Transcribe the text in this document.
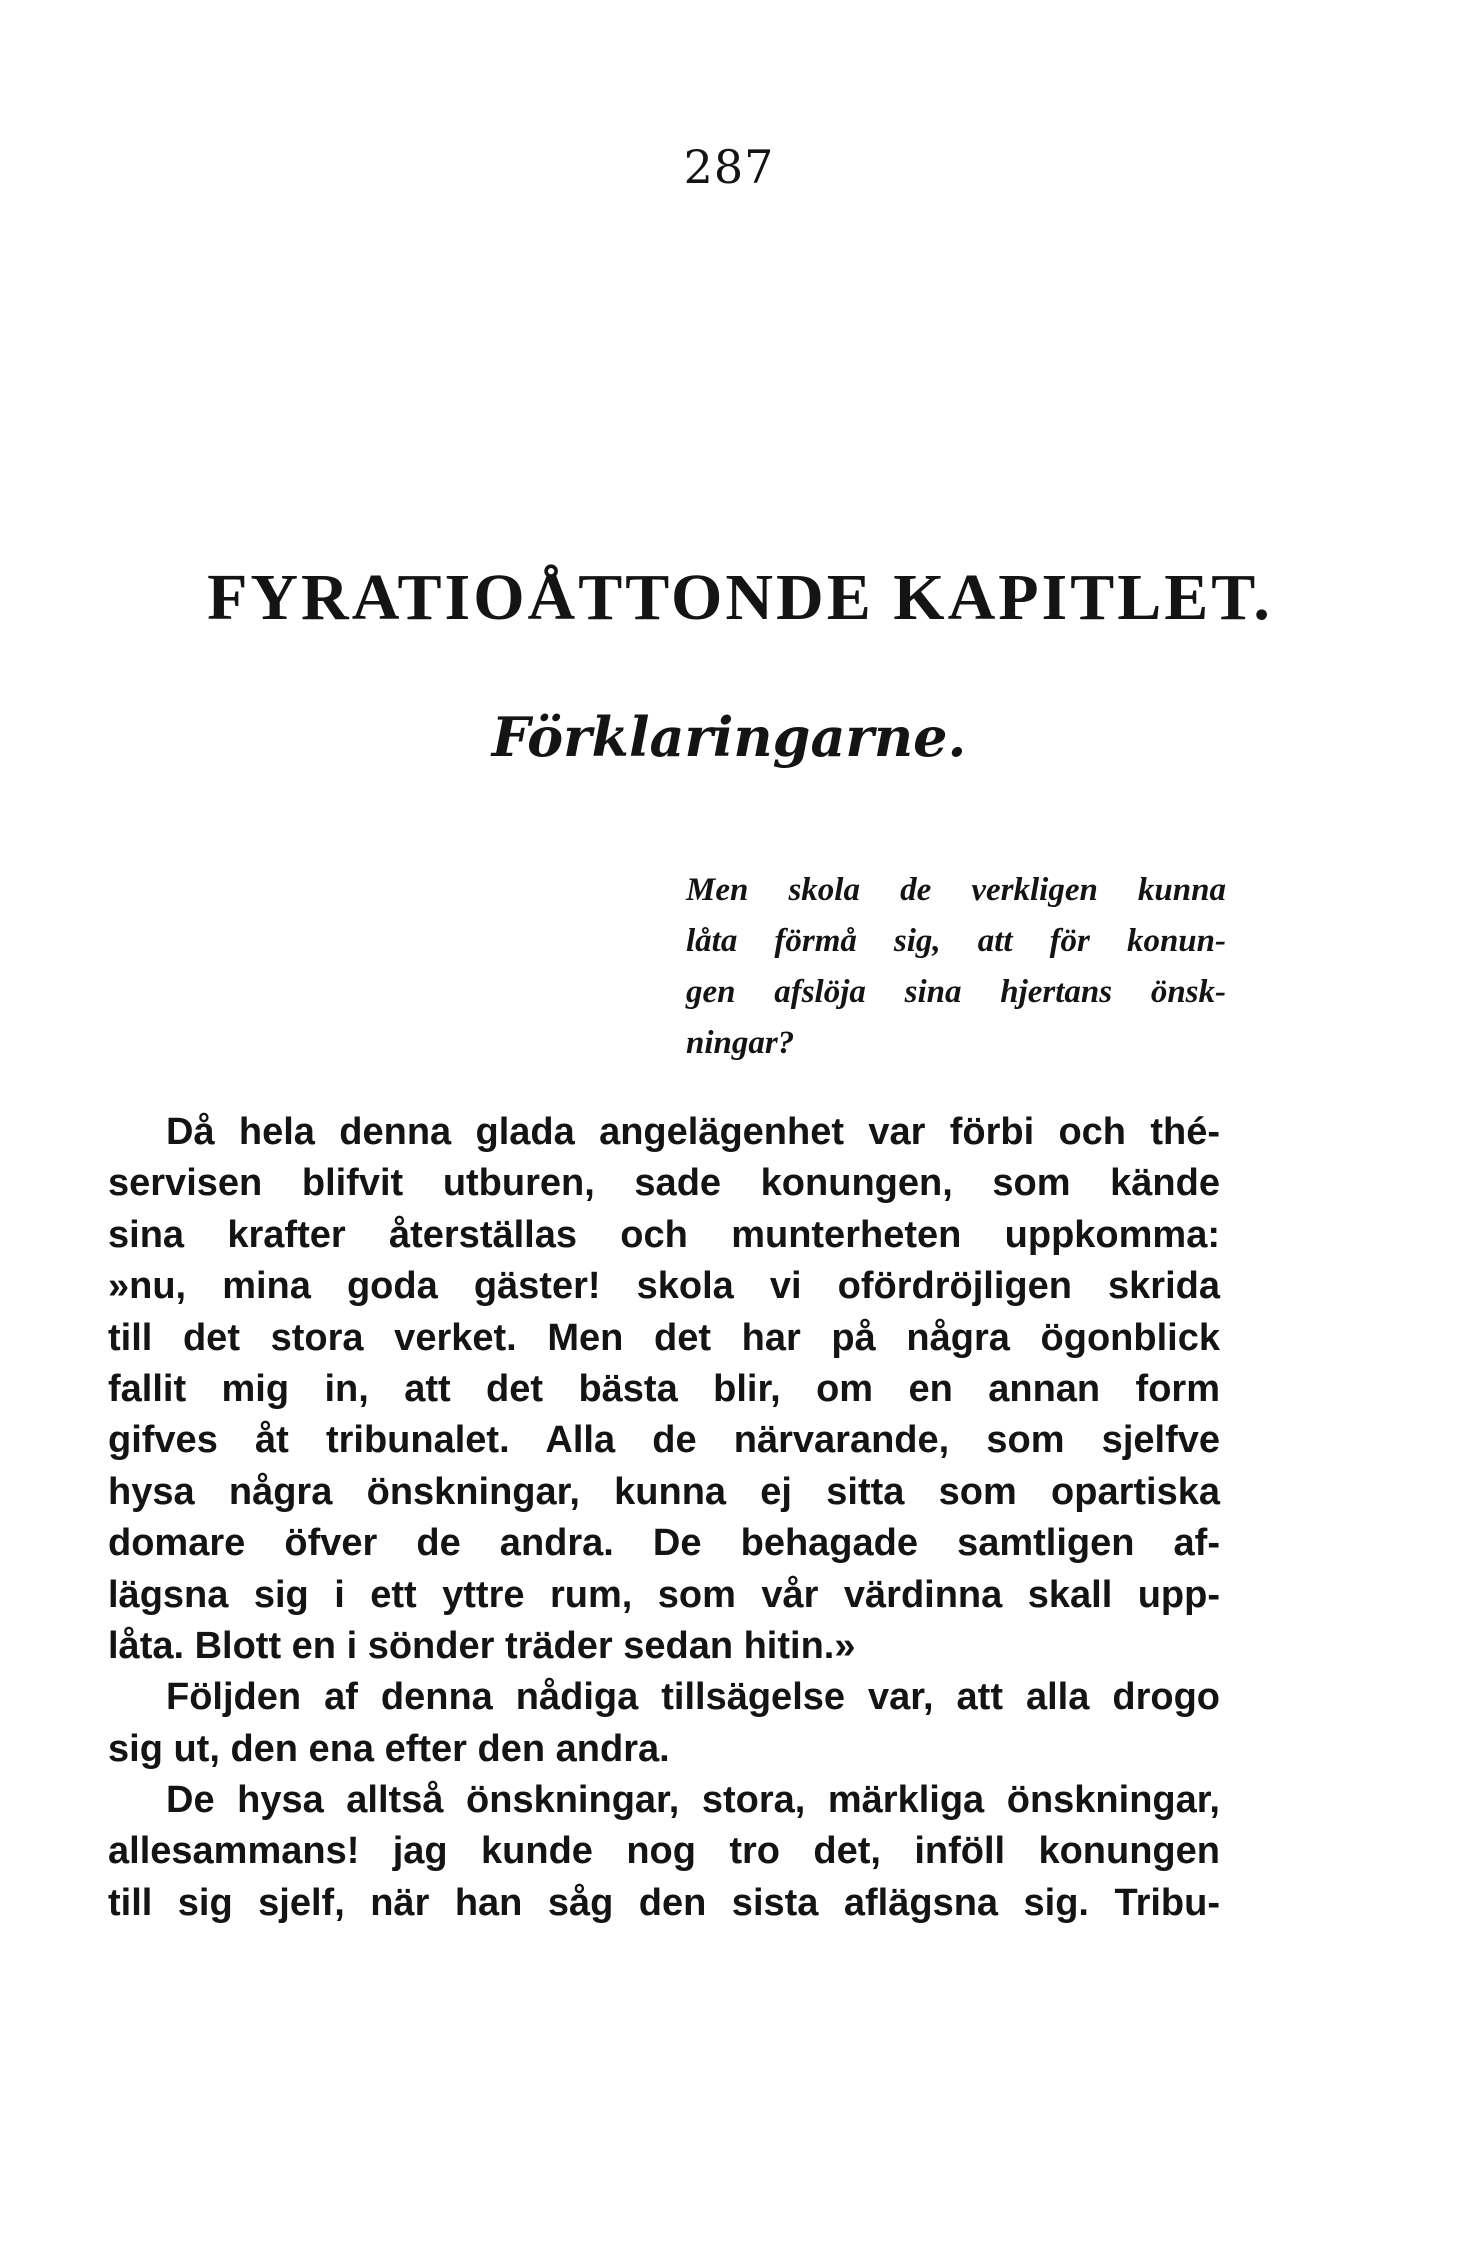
287
FYRATIOÅTTONDE KAPITLET.
Förklaringarne.
Men skola de verkligen kunna
låta förmå sig, att för konun-
gen afslöja sina hjertans önsk-
ningar?
Då hela denna glada angelägenhet var förbi och thé-
servisen blifvit utburen, sade konungen, som kände
sina krafter återställas och munterheten uppkomma:
»nu, mina goda gäster! skola vi ofördröjligen skrida
till det stora verket. Men det har på några ögonblick
fallit mig in, att det bästa blir, om en annan form
gifves åt tribunalet. Alla de närvarande, som sjelfve
hysa några önskningar, kunna ej sitta som opartiska
domare öfver de andra. De behagade samtligen af-
lägsna sig i ett yttre rum, som vår värdinna skall upp-
låta. Blott en i sönder träder sedan hitin.»
Följden af denna nådiga tillsägelse var, att alla drogo
sig ut, den ena efter den andra.
De hysa alltså önskningar, stora, märkliga önskningar,
allesammans! jag kunde nog tro det, inföll konungen
till sig sjelf, när han såg den sista aflägsna sig. Tribu-
